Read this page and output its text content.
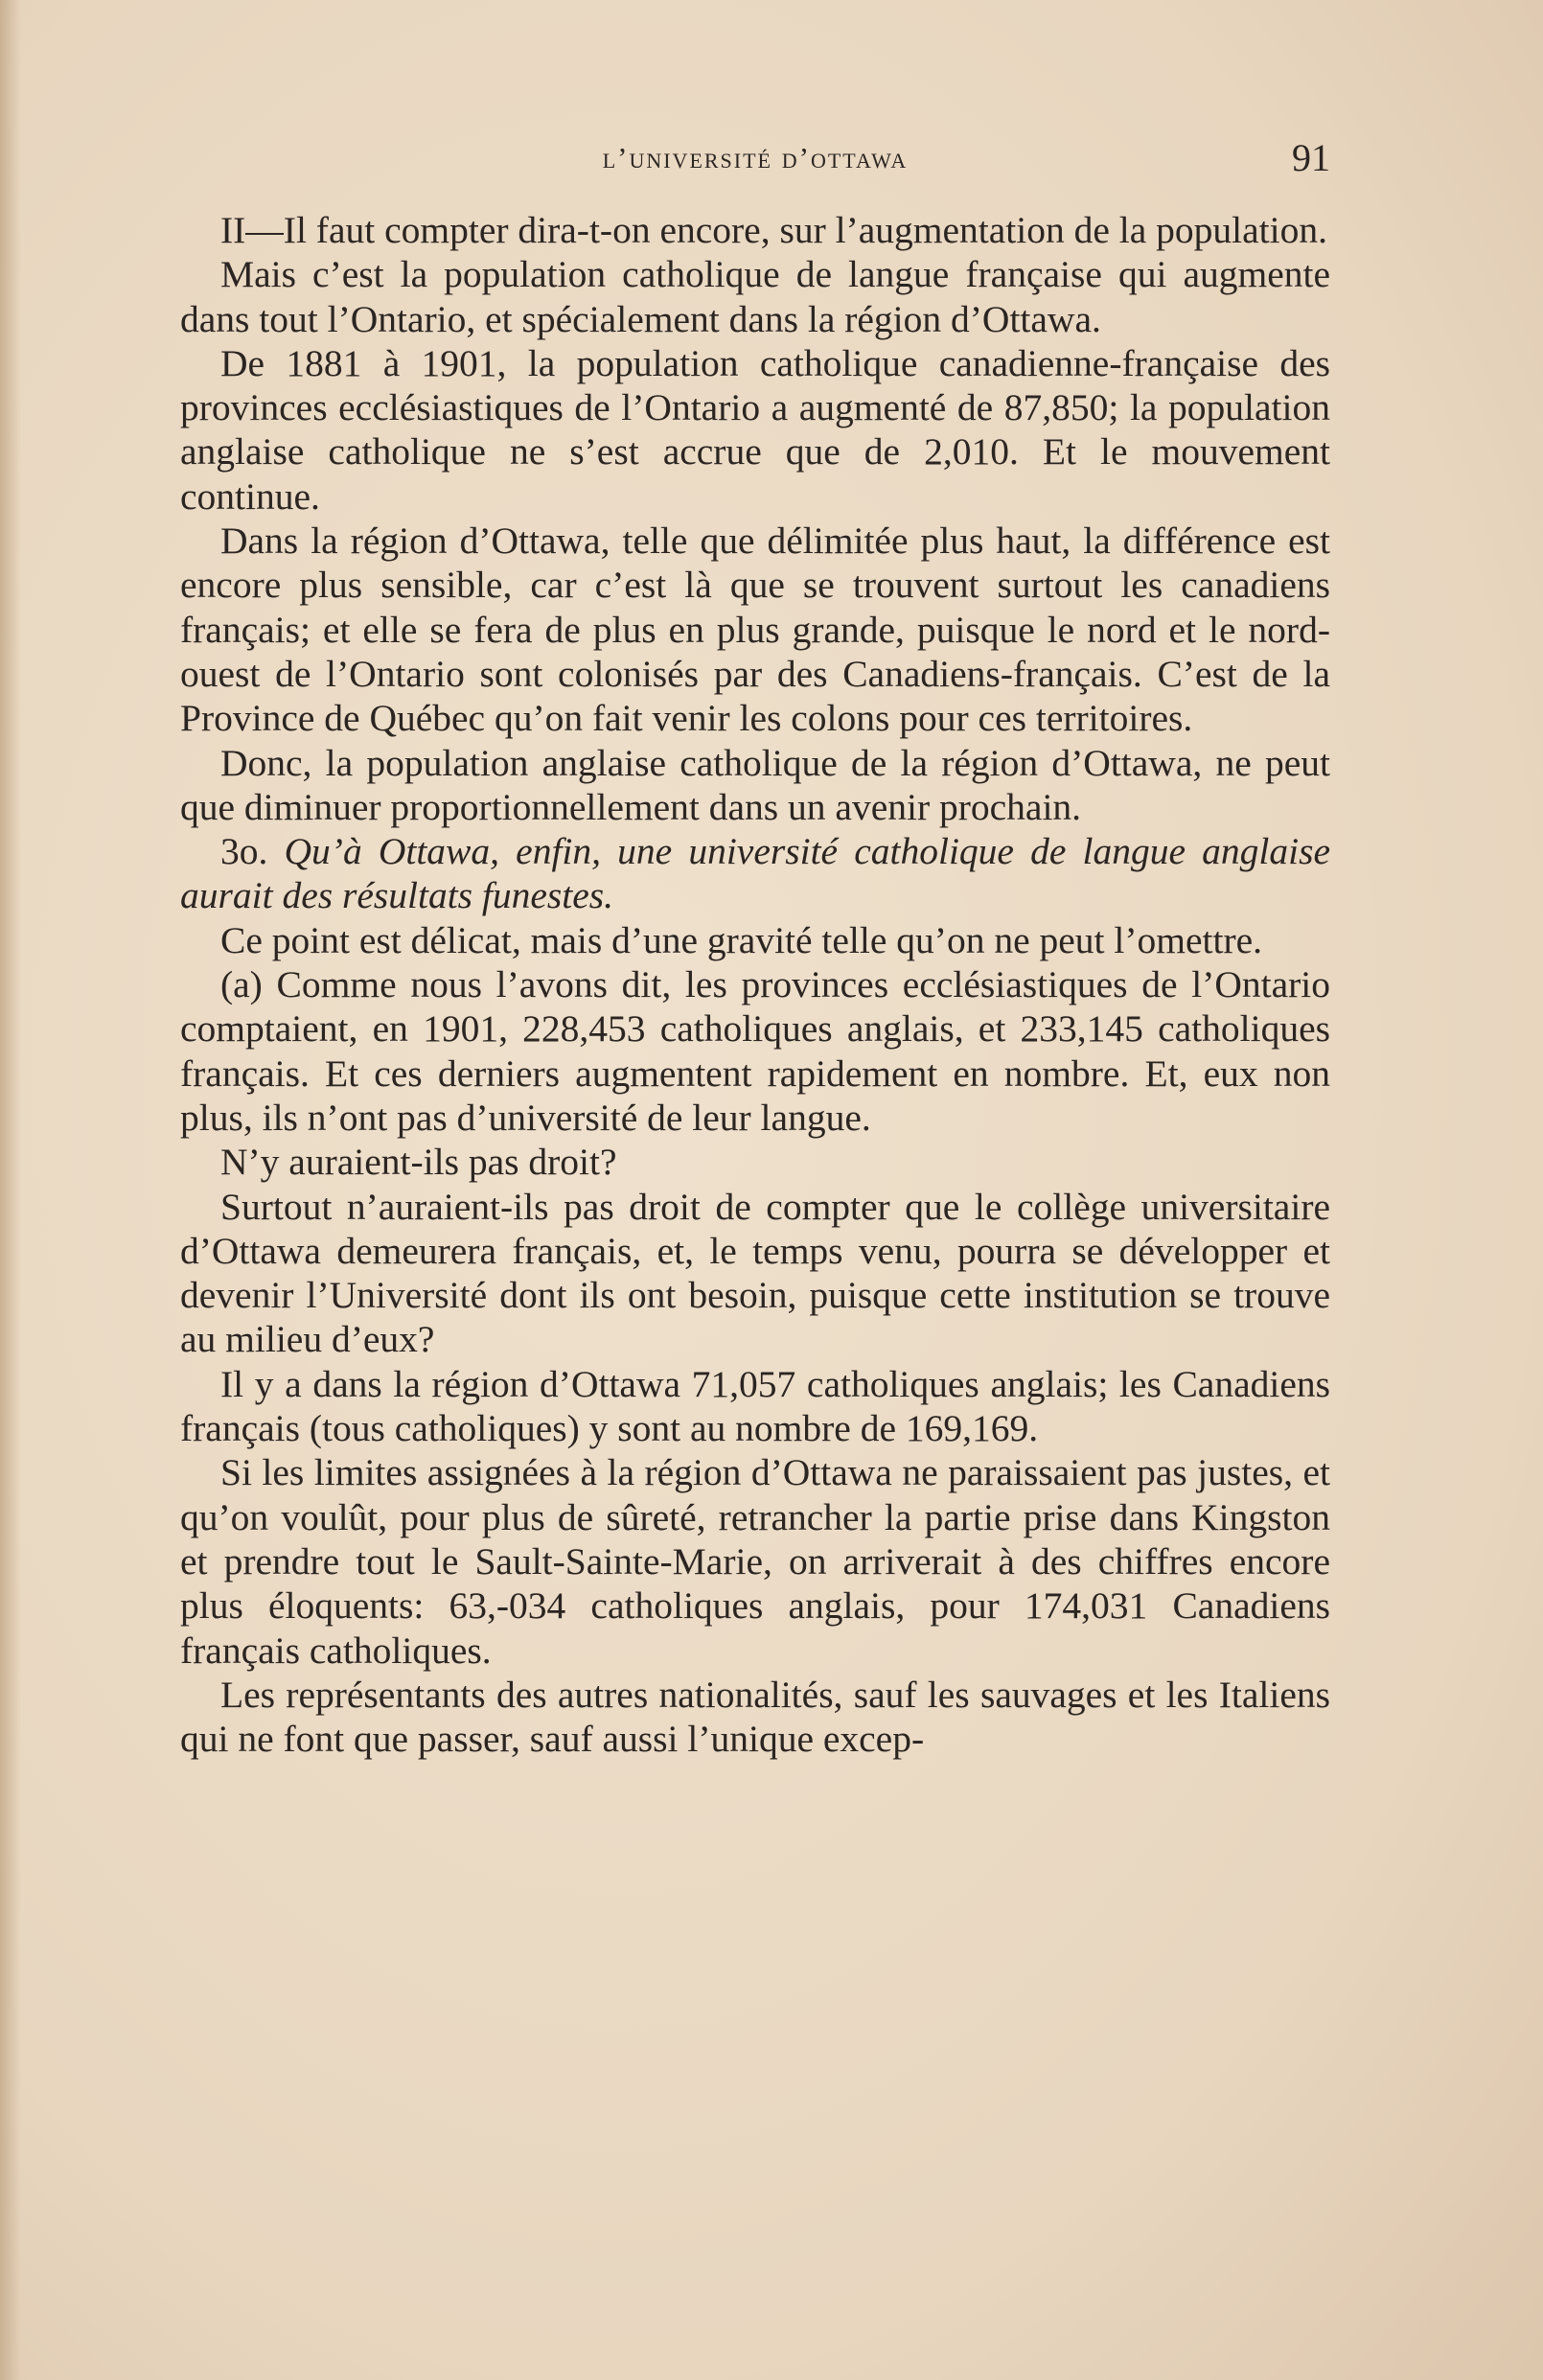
l’université d’ottawa	91

II—Il faut compter dira-t-on encore, sur l’augmentation de la population.

Mais c’est la population catholique de langue française qui augmente dans tout l’Ontario, et spécialement dans la région d’Ottawa.

De 1881 à 1901, la population catholique canadienne-française des provinces ecclésiastiques de l’Ontario a augmenté de 87,850; la population anglaise catholique ne s’est accrue que de 2,010. Et le mouvement continue.

Dans la région d’Ottawa, telle que délimitée plus haut, la différence est encore plus sensible, car c’est là que se trouvent surtout les canadiens français; et elle se fera de plus en plus grande, puisque le nord et le nord-ouest de l’Ontario sont colonisés par des Canadiens-français. C’est de la Province de Québec qu’on fait venir les colons pour ces territoires.

Donc, la population anglaise catholique de la région d’Ottawa, ne peut que diminuer proportionnellement dans un avenir prochain.

3o. Qu’à Ottawa, enfin, une université catholique de langue anglaise aurait des résultats funestes.

Ce point est délicat, mais d’une gravité telle qu’on ne peut l’omettre.

(a) Comme nous l’avons dit, les provinces ecclésiastiques de l’Ontario comptaient, en 1901, 228,453 catholiques anglais, et 233,145 catholiques français. Et ces derniers augmentent rapidement en nombre. Et, eux non plus, ils n’ont pas d’université de leur langue.

N’y auraient-ils pas droit?

Surtout n’auraient-ils pas droit de compter que le collège universitaire d’Ottawa demeurera français, et, le temps venu, pourra se développer et devenir l’Université dont ils ont besoin, puisque cette institution se trouve au milieu d’eux?

Il y a dans la région d’Ottawa 71,057 catholiques anglais; les Canadiens français (tous catholiques) y sont au nombre de 169,169.

Si les limites assignées à la région d’Ottawa ne paraissaient pas justes, et qu’on voulût, pour plus de sûreté, retrancher la partie prise dans Kingston et prendre tout le Sault-Sainte-Marie, on arriverait à des chiffres encore plus éloquents: 63,-034 catholiques anglais, pour 174,031 Canadiens français catholiques.

Les représentants des autres nationalités, sauf les sauvages et les Italiens qui ne font que passer, sauf aussi l’unique excep-
